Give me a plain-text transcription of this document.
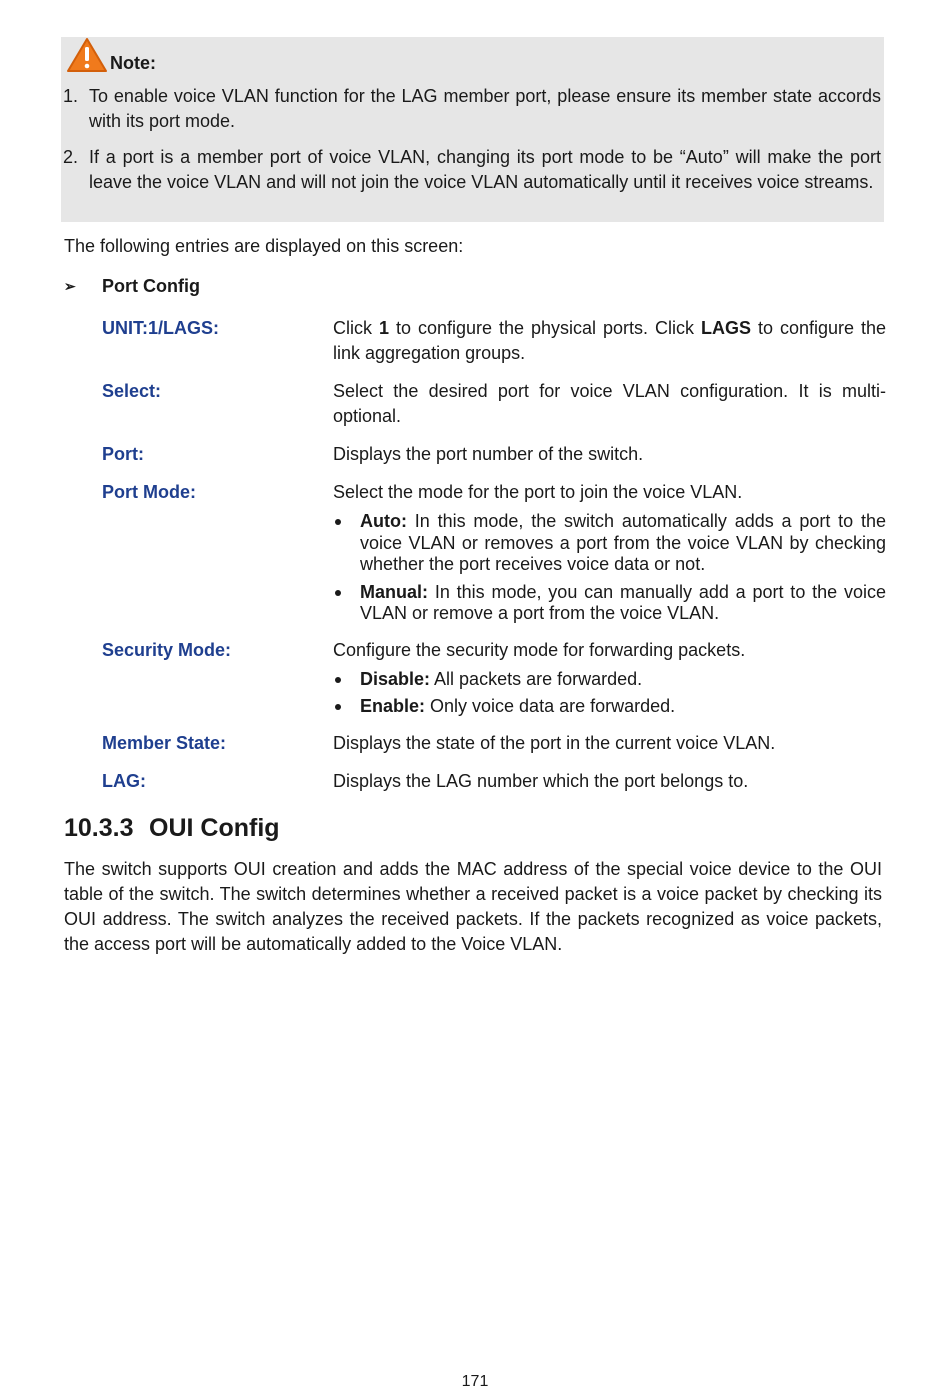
Note:
1. To enable voice VLAN function for the LAG member port, please ensure its member state accords with its port mode.
2. If a port is a member port of voice VLAN, changing its port mode to be “Auto” will make the port leave the voice VLAN and will not join the voice VLAN automatically until it receives voice streams.
The following entries are displayed on this screen:
➢ Port Config
UNIT:1/LAGS:	Click 1 to configure the physical ports. Click LAGS to configure the link aggregation groups.
Select:	Select the desired port for voice VLAN configuration. It is multi-optional.
Port:	Displays the port number of the switch.
Port Mode:	Select the mode for the port to join the voice VLAN.
Auto: In this mode, the switch automatically adds a port to the voice VLAN or removes a port from the voice VLAN by checking whether the port receives voice data or not.
Manual: In this mode, you can manually add a port to the voice VLAN or remove a port from the voice VLAN.
Security Mode:	Configure the security mode for forwarding packets.
Disable: All packets are forwarded.
Enable: Only voice data are forwarded.
Member State:	Displays the state of the port in the current voice VLAN.
LAG:	Displays the LAG number which the port belongs to.
10.3.3 OUI Config
The switch supports OUI creation and adds the MAC address of the special voice device to the OUI table of the switch. The switch determines whether a received packet is a voice packet by checking its OUI address. The switch analyzes the received packets. If the packets recognized as voice packets, the access port will be automatically added to the Voice VLAN.
171
